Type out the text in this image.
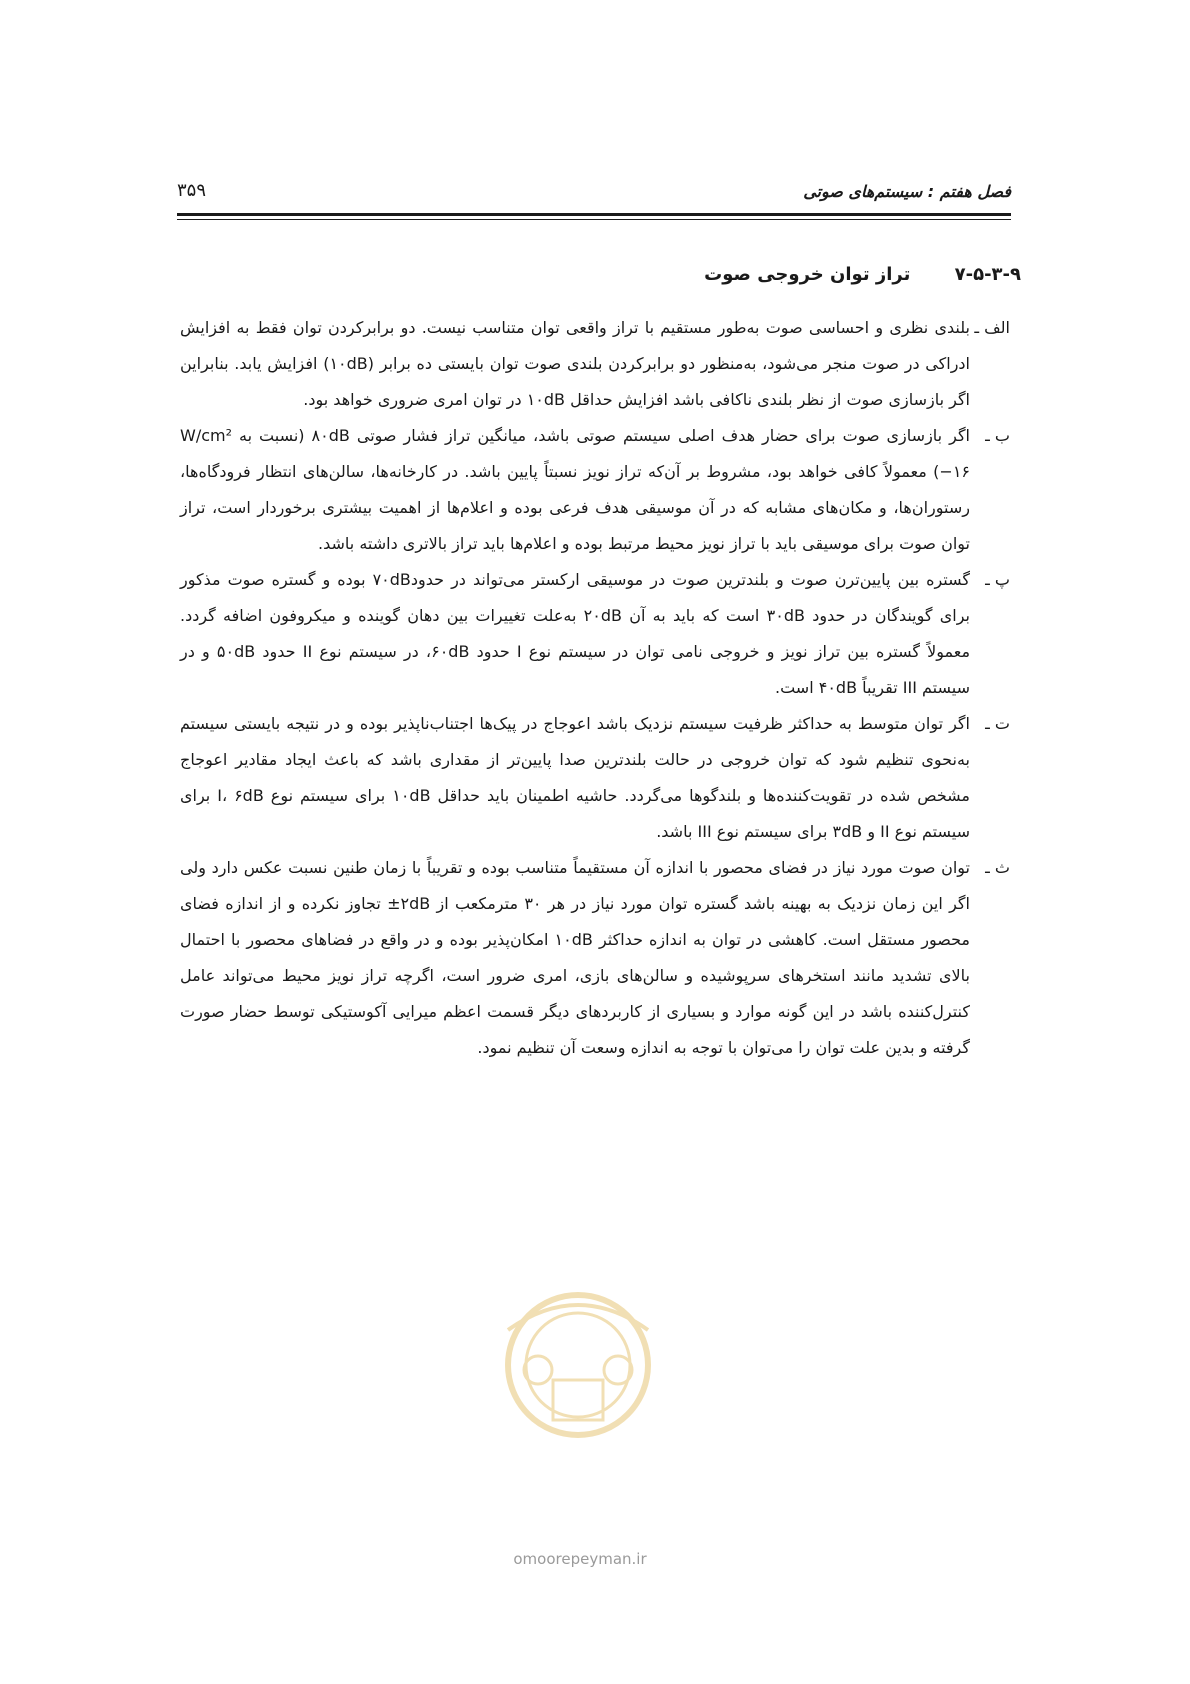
فصل هفتم : سیستم‌های صوتی
۳۵۹
۷-۵-۳-۹ تراز توان خروجی صوت

الف ـ
بلندی نظری و احساسی صوت به‌طور مستقیم با تراز واقعی توان متناسب نیست. دو برابرکردن توان فقط به افزایش ادراکی در صوت منجر می‌شود، به‌منظور دو برابرکردن بلندی صوت توان بایستی ده برابر (۱۰dB) افزایش یابد. بنابراین اگر بازسازی صوت از نظر بلندی ناکافی باشد افزایش حداقل ۱۰dB در توان امری ضروری خواهد بود.

ب ـ
اگر بازسازی صوت برای حضار هدف اصلی سیستم صوتی باشد، میانگین تراز فشار صوتی ۸۰dB (نسبت به W/cm² ۱۶−) معمولاً کافی خواهد بود، مشروط بر آن‌که تراز نویز نسبتاً پایین باشد. در کارخانه‌ها، سالن‌های انتظار فرودگاه‌ها، رستوران‌ها، و مکان‌های مشابه که در آن موسیقی هدف فرعی بوده و اعلام‌ها از اهمیت بیشتری برخوردار است، تراز توان صوت برای موسیقی باید با تراز نویز محیط مرتبط بوده و اعلام‌ها باید تراز بالاتری داشته باشد.

پ ـ
گستره بین پایین‌ترن صوت و بلندترین صوت در موسیقی ارکستر می‌تواند در حدود۷۰dB بوده و گستره صوت مذکور برای گویندگان در حدود ۳۰dB است که باید به آن ۲۰dB به‌علت تغییرات بین دهان گوینده و میکروفون اضافه گردد. معمولاً گستره بین تراز نویز و خروجی نامی توان در سیستم نوع I حدود ۶۰dB، در سیستم نوع II حدود ۵۰dB و در سیستم III تقریباً ۴۰dB است.

ت ـ
اگر توان متوسط به حداکثر ظرفیت سیستم نزدیک باشد اعوجاج در پیک‌ها اجتناب‌ناپذیر بوده و در نتیجه بایستی سیستم به‌نحوی تنظیم شود که توان خروجی در حالت بلندترین صدا پایین‌تر از مقداری باشد که باعث ایجاد مقادیر اعوجاج مشخص شده در تقویت‌کننده‌ها و بلندگوها می‌گردد. حاشیه اطمینان باید حداقل ۱۰dB برای سیستم نوع I، ۶dB برای سیستم نوع II و ۳dB برای سیستم نوع III باشد.

ث ـ
توان صوت مورد نیاز در فضای محصور با اندازه آن مستقیماً متناسب بوده و تقریباً با زمان طنین نسبت عکس دارد ولی اگر این زمان نزدیک به بهینه باشد گستره توان مورد نیاز در هر ۳۰ مترمکعب از ۲dB± تجاوز نکرده و از اندازه فضای محصور مستقل است. کاهشی در توان به اندازه حداکثر ۱۰dB امکان‌پذیر بوده و در واقع در فضاهای محصور با احتمال بالای تشدید مانند استخرهای سرپوشیده و سالن‌های بازی، امری ضرور است، اگرچه تراز نویز محیط می‌تواند عامل کنترل‌کننده باشد در این گونه موارد و بسیاری از کاربردهای دیگر قسمت اعظم میرایی آکوستیکی توسط حضار صورت گرفته و بدین علت توان را می‌توان با توجه به اندازه وسعت آن تنظیم نمود.

omoorepeyman.ir
